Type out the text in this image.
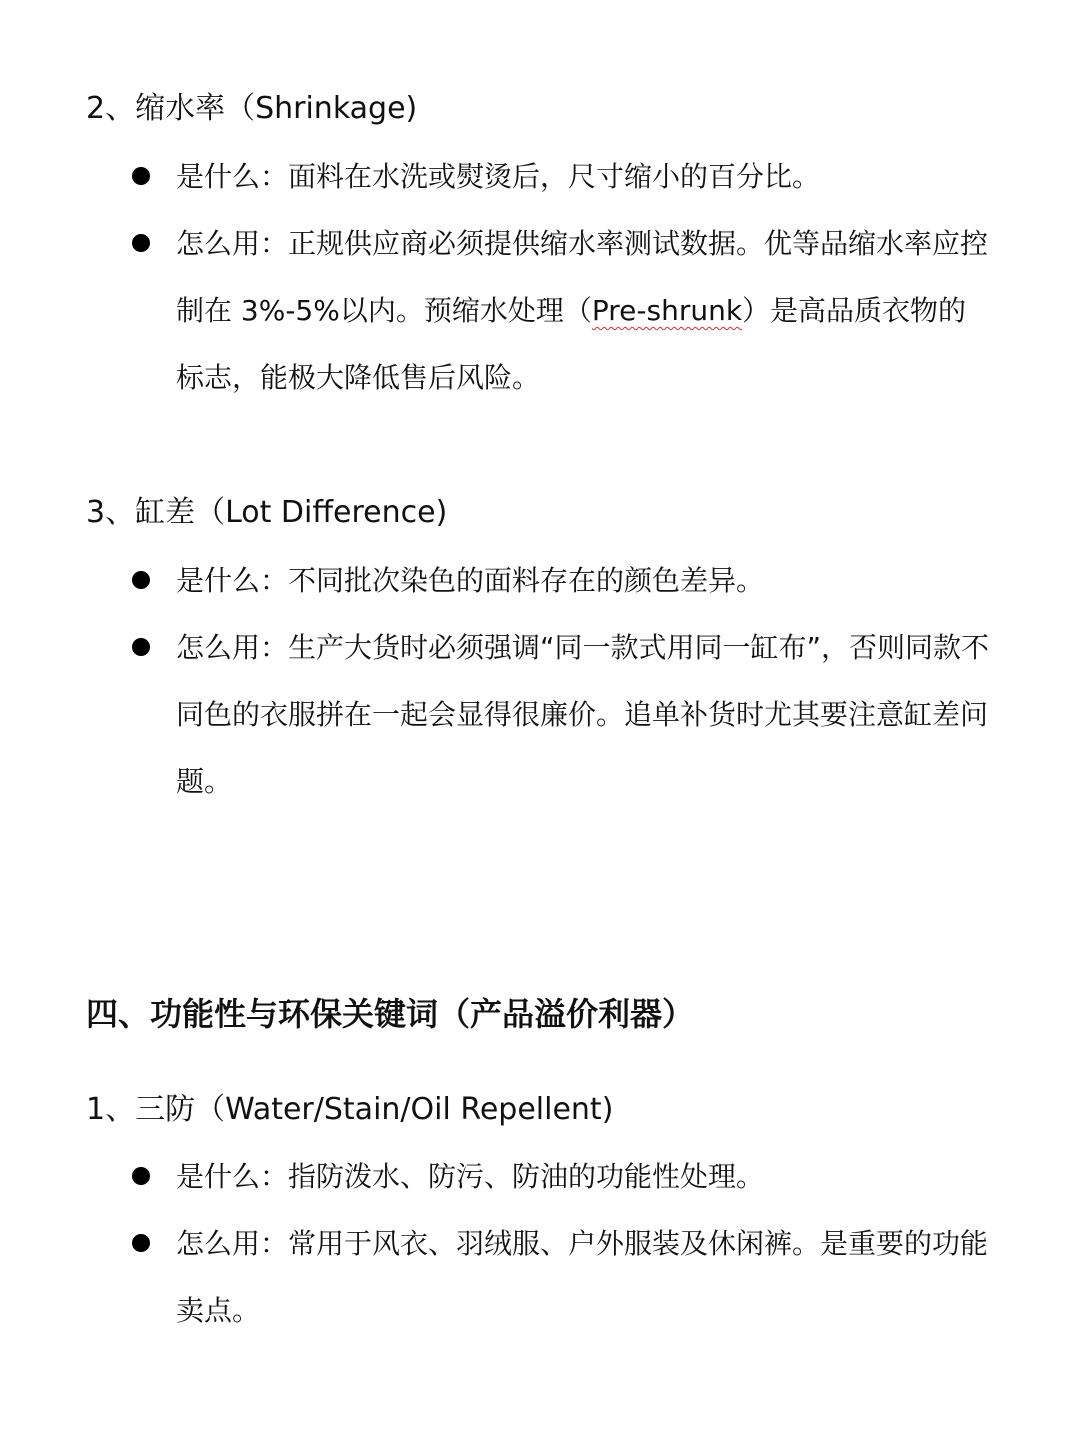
2、缩水率（Shrinkage)
是什么：面料在水洗或熨烫后，尺寸缩小的百分比。
怎么用：正规供应商必须提供缩水率测试数据。优等品缩水率应控制在 3%-5%以内。预缩水处理（Pre-shrunk）是高品质衣物的标志，能极大降低售后风险。
3、缸差（Lot Difference)
是什么：不同批次染色的面料存在的颜色差异。
怎么用：生产大货时必须强调“同一款式用同一缸布”，否则同款不同色的衣服拼在一起会显得很廉价。追单补货时尤其要注意缸差问题。
四、功能性与环保关键词（产品溢价利器）
1、三防（Water/Stain/Oil Repellent)
是什么：指防泼水、防污、防油的功能性处理。
怎么用：常用于风衣、羽绒服、户外服装及休闲裤。是重要的功能卖点。
